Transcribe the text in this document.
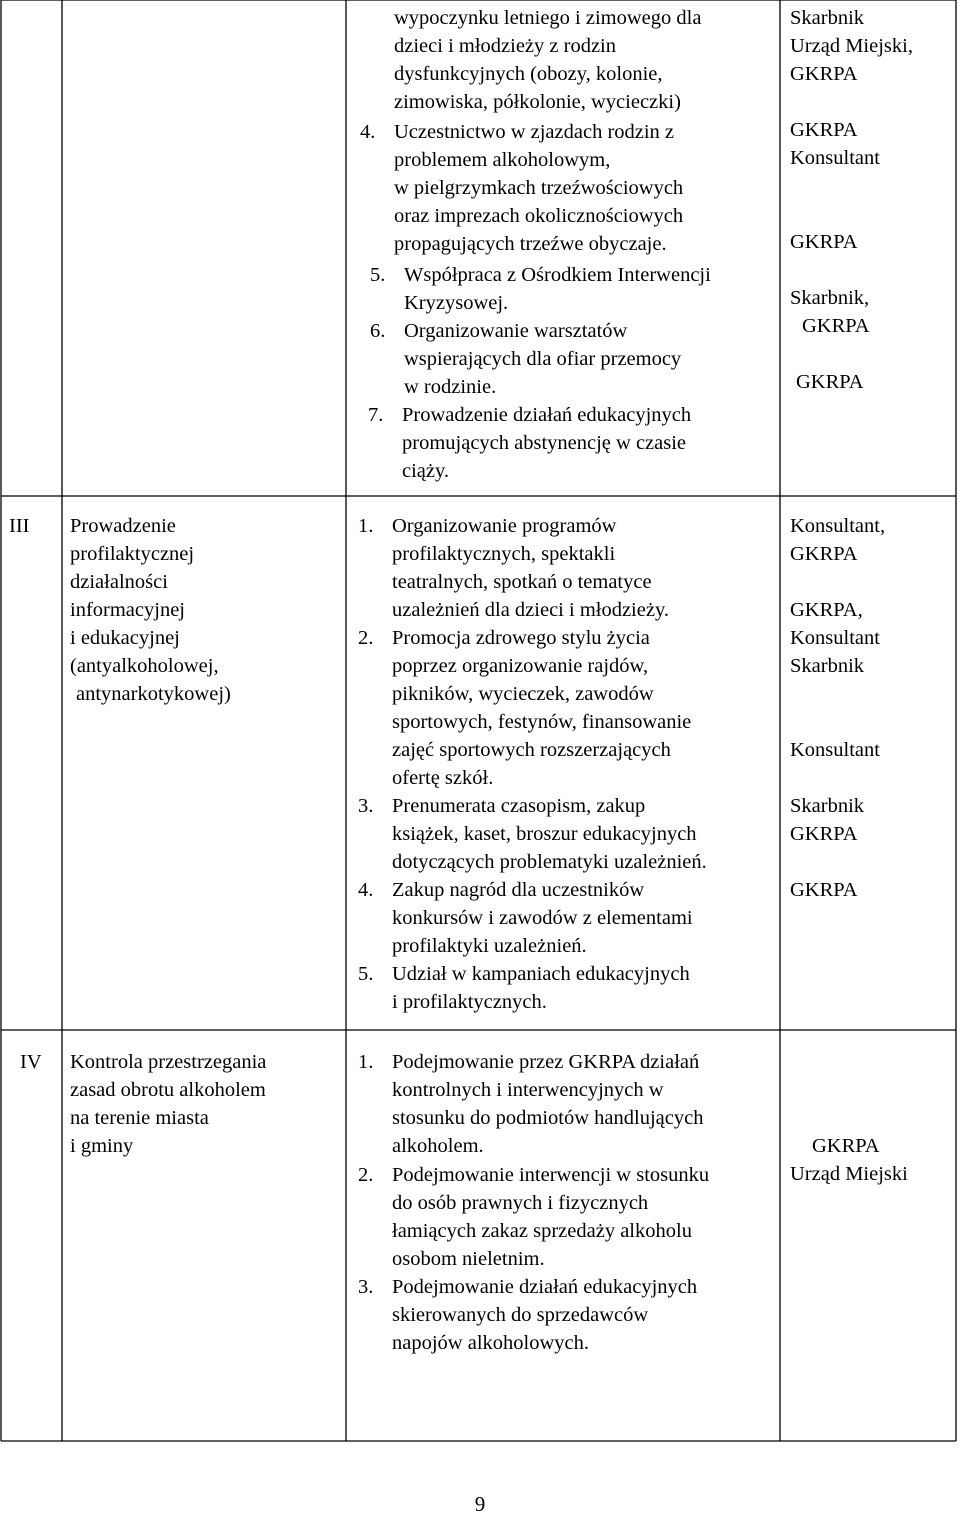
wypoczynku letniego i zimowego dla
dzieci i młodzieży z rodzin
dysfunkcyjnych (obozy, kolonie,
zimowiska, półkolonie, wycieczki)
4. Uczestnictwo w zjazdach rodzin z
problemem alkoholowym,
w pielgrzymkach trzeźwościowych
oraz imprezach okolicznościowych
propagujących trzeźwe obyczaje.
5. Współpraca z Ośrodkiem Interwencji
Kryzysowej.
6. Organizowanie warsztatów
wspierających dla ofiar przemocy
w rodzinie.
7. Prowadzenie działań edukacyjnych
promujących abstynencję w czasie
ciąży.
Skarbnik
Urząd Miejski,
GKRPA
GKRPA
Konsultant
GKRPA
Skarbnik,
GKRPA
GKRPA
III Prowadzenie
profilaktycznej
działalności
informacyjnej
i edukacyjnej
(antyalkoholowej,
antynarkotykowej)
1. Organizowanie programów
profilaktycznych, spektakli
teatralnych, spotkań o tematyce
uzależnień dla dzieci i młodzieży.
2. Promocja zdrowego stylu życia
poprzez organizowanie rajdów,
pikników, wycieczek, zawodów
sportowych, festynów, finansowanie
zajęć sportowych rozszerzających
ofertę szkół.
3. Prenumerata czasopism, zakup
książek, kaset, broszur edukacyjnych
dotyczących problematyki uzależnień.
4. Zakup nagród dla uczestników
konkursów i zawodów z elementami
profilaktyki uzależnień.
5. Udział w kampaniach edukacyjnych
i profilaktycznych.
Konsultant,
GKRPA
GKRPA,
Konsultant
Skarbnik
Konsultant
Skarbnik
GKRPA
GKRPA
IV Kontrola przestrzegania
zasad obrotu alkoholem
na terenie miasta
i gminy
1. Podejmowanie przez GKRPA działań
kontrolnych i interwencyjnych w
stosunku do podmiotów handlujących
alkoholem.
2. Podejmowanie interwencji w stosunku
do osób prawnych i fizycznych
łamiących zakaz sprzedaży alkoholu
osobom nieletnim.
3. Podejmowanie działań edukacyjnych
skierowanych do sprzedawców
napojów alkoholowych.
GKRPA
Urząd Miejski
9
